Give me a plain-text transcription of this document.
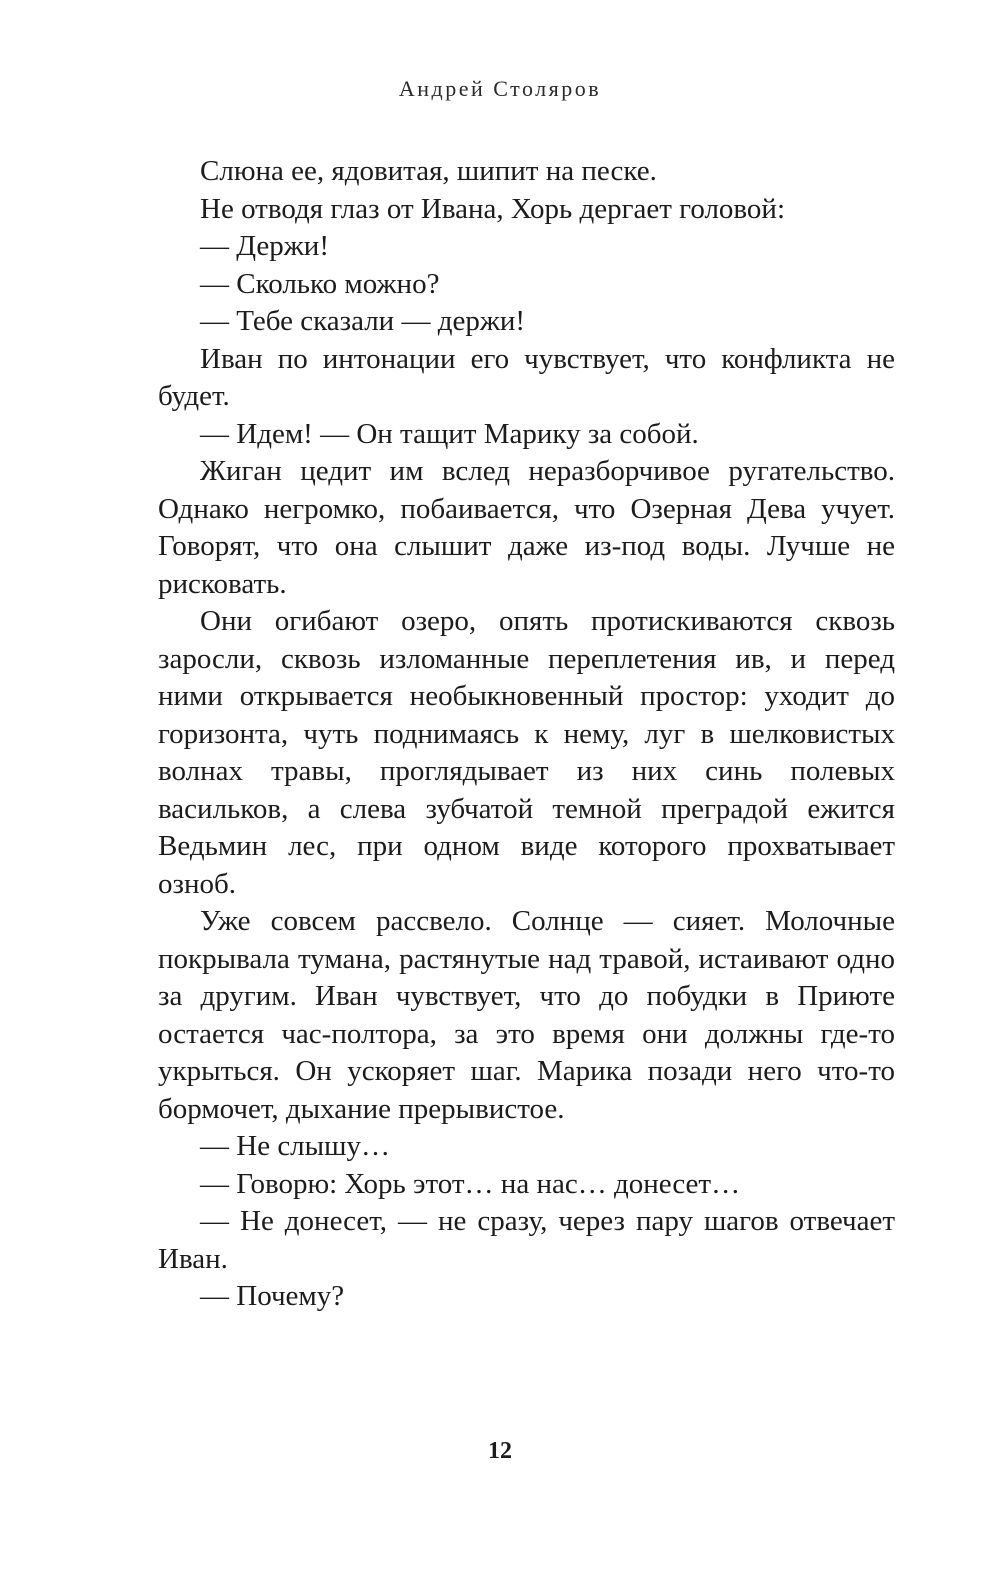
Андрей Столяров

Слюна ее, ядовитая, шипит на песке.

Не отводя глаз от Ивана, Хорь дергает головой:

— Держи!

— Сколько можно?

— Тебе сказали — держи!

Иван по интонации его чувствует, что конфликта не будет.

— Идем! — Он тащит Марику за собой.

Жиган цедит им вслед неразборчивое ругательство. Однако негромко, побаивается, что Озерная Дева учует. Говорят, что она слышит даже из-под воды. Лучше не рисковать.

Они огибают озеро, опять протискиваются сквозь заросли, сквозь изломанные переплетения ив, и перед ними открывается необыкновенный простор: уходит до горизонта, чуть поднимаясь к нему, луг в шелковистых волнах травы, проглядывает из них синь полевых васильков, а слева зубчатой темной преградой ежится Ведьмин лес, при одном виде которого прохватывает озноб.

Уже совсем рассвело. Солнце — сияет. Молочные покрывала тумана, растянутые над травой, истаивают одно за другим. Иван чувствует, что до побудки в Приюте остается час-полтора, за это время они должны где-то укрыться. Он ускоряет шаг. Марика позади него что-то бормочет, дыхание прерывистое.

— Не слышу…

— Говорю: Хорь этот… на нас… донесет…

— Не донесет, — не сразу, через пару шагов отвечает Иван.

— Почему?

12
